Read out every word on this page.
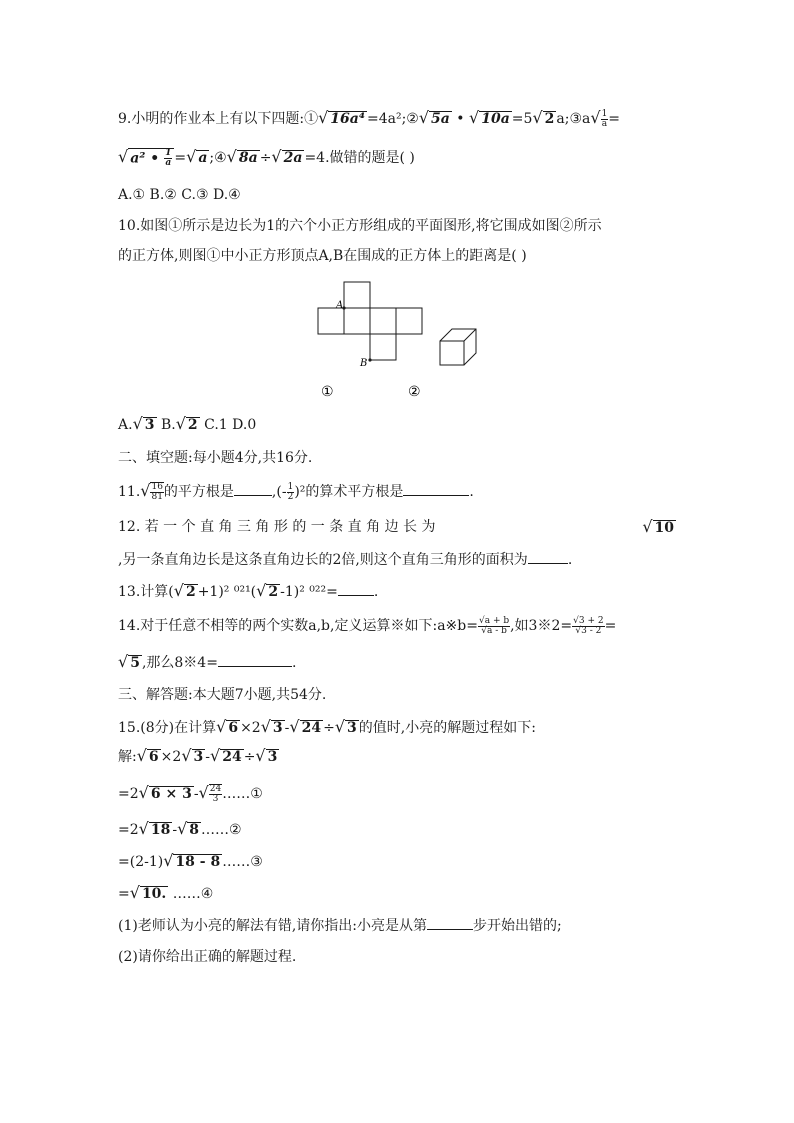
9.小明的作业本上有以下四题:①√ 16a⁴ =4a²;②√ 5a • √ 10a =5√ 2 a;③a√ $\frac{1}{a}$ =
√ a² • $\frac{1}{a}$ =√ a ;④√ 8a ÷√ 2a =4.做错的题是( )
A.① B.② C.③ D.④
10.如图①所示是边长为1的六个小正方形组成的平面图形,将它围成如图②所示
的正方体,则图①中小正方形顶点A,B在围成的正方体上的距离是( )
A
B
①	②
A.√ 3 B.√ 2 C.1 D.0
二、填空题:每小题4分,共16分.
$11.√ \frac{16}{81}$ 的平方根是	,(- $\frac{1}{2} )^2$的算术平方根是	.
12. 若 一 个 直 角 三 角 形 的 一 条 直 角 边 长 为	√ 10
,另一条直角边长是这条直角边长的2倍,则这个直角三角形的面积为	.
13.计算(√ 2 +1)² ⁰²¹(√ 2 -1)² ⁰²²=	.
14.对于任意不相等的两个实数a,b,定义运算※如下:a※b= $\frac{√a + b}{√a - b}$ ,如3※2= $\frac{√3 + 2}{√3 - 2}$ =
√ 5 ,那么8※4=	.
三、解答题:本大题7小题,共54分.
15.(8分)在计算√ 6 ×2√ 3 -√ 24 ÷√ 3 的值时,小亮的解题过程如下:
解:√ 6 ×2√ 3 -√ 24 ÷√ 3
=2√ 6 × 3 -√ $\frac{24}{3}$ ……①
=2√ 18 -√ 8 ……②
=(2-1)√ 18 - 8 ……③
=√ 10. ……④
(1)老师认为小亮的解法有错,请你指出:小亮是从第	步开始出错的;
(2)请你给出正确的解题过程.
